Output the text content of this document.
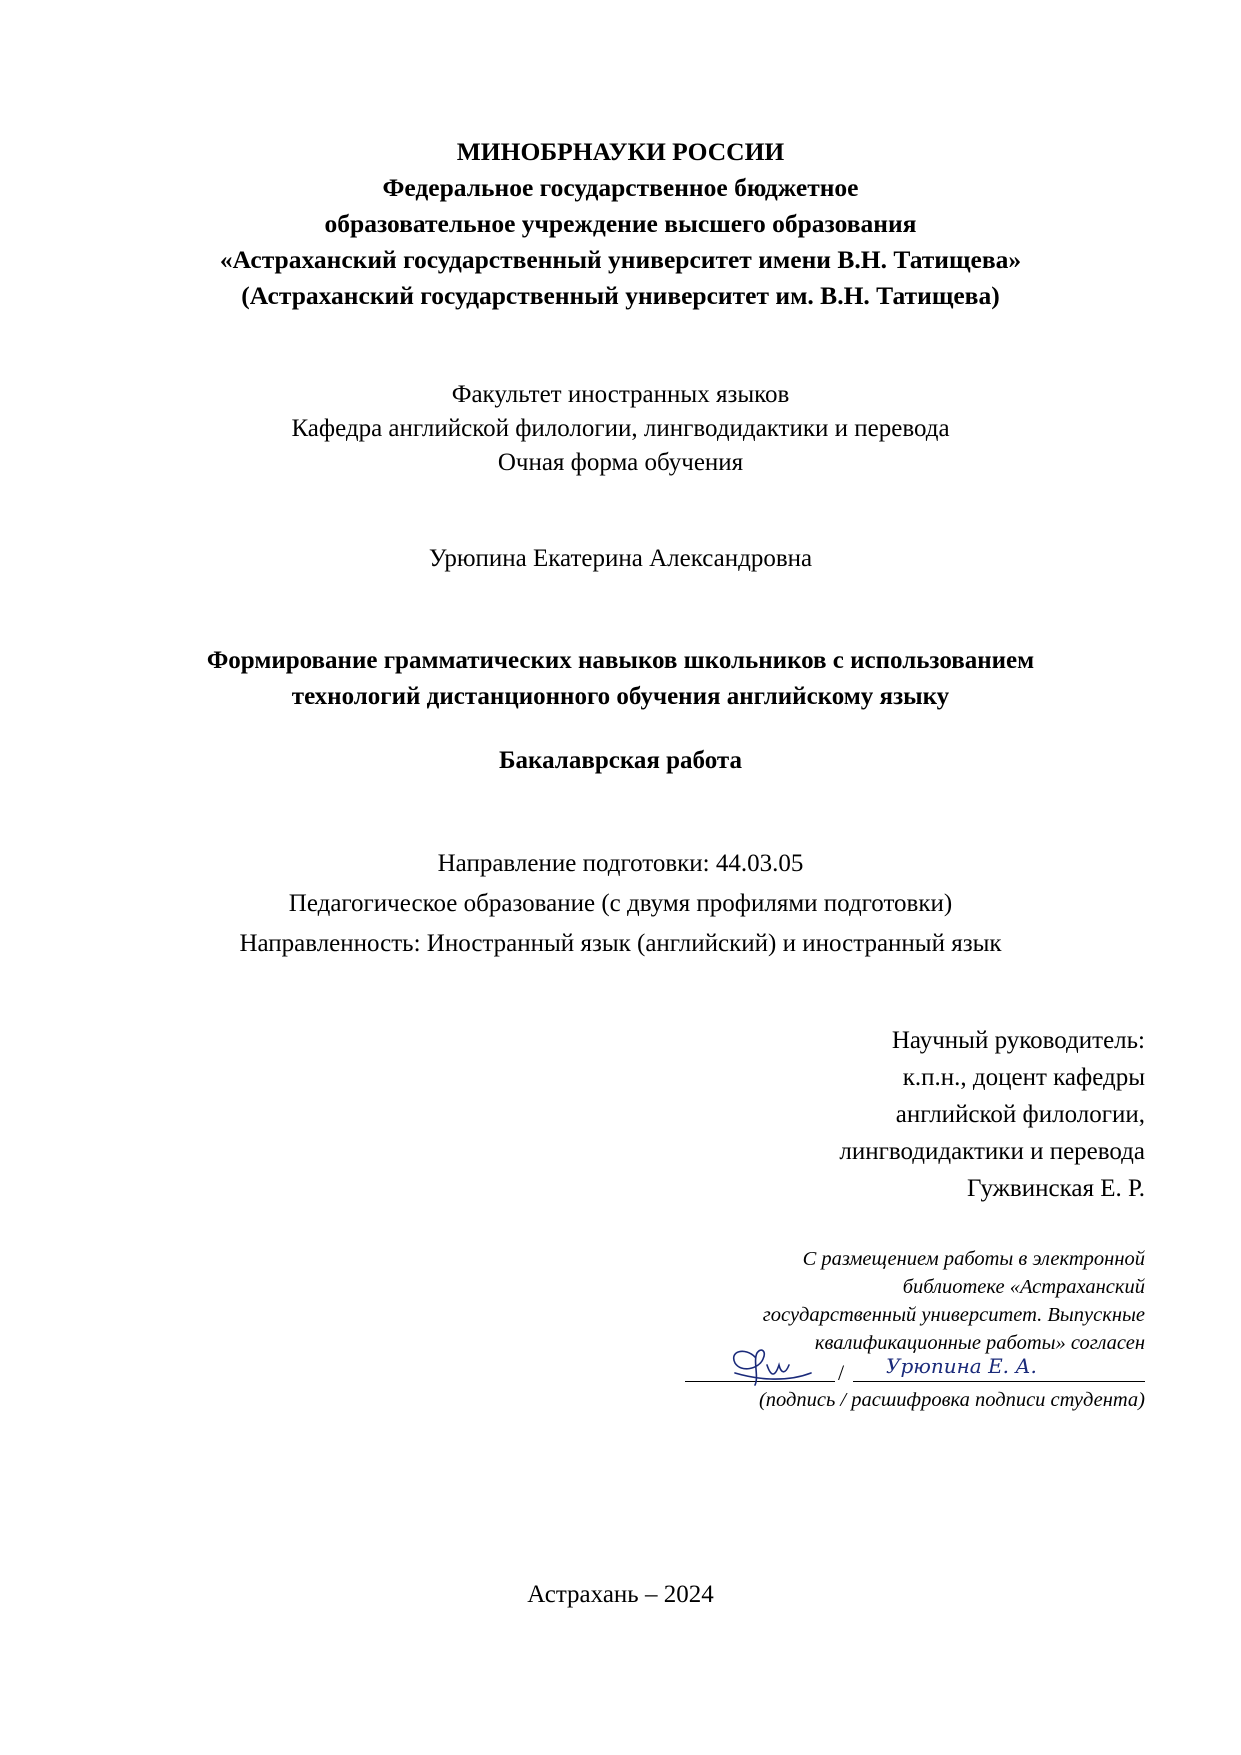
МИНОБРНАУКИ РОССИИ
Федеральное государственное бюджетное
образовательное учреждение высшего образования
«Астраханский государственный университет имени В.Н. Татищева»
(Астраханский государственный университет им. В.Н. Татищева)
Факультет иностранных языков
Кафедра английской филологии, лингводидактики и перевода
Очная форма обучения
Урюпина Екатерина Александровна
Формирование грамматических навыков школьников с использованием
технологий дистанционного обучения английскому языку
Бакалаврская работа
Направление подготовки: 44.03.05
Педагогическое образование (с двумя профилями подготовки)
Направленность: Иностранный язык (английский) и иностранный язык
Научный руководитель:
к.п.н., доцент кафедры
английской филологии,
лингводидактики и перевода
Гужвинская Е. Р.
С размещением работы в электронной
библиотеке «Астраханский
государственный университет. Выпускные
квалификационные работы» согласен
/ Урюпина Е. А.
(подпись / расшифровка подписи студента)
Астрахань – 2024
